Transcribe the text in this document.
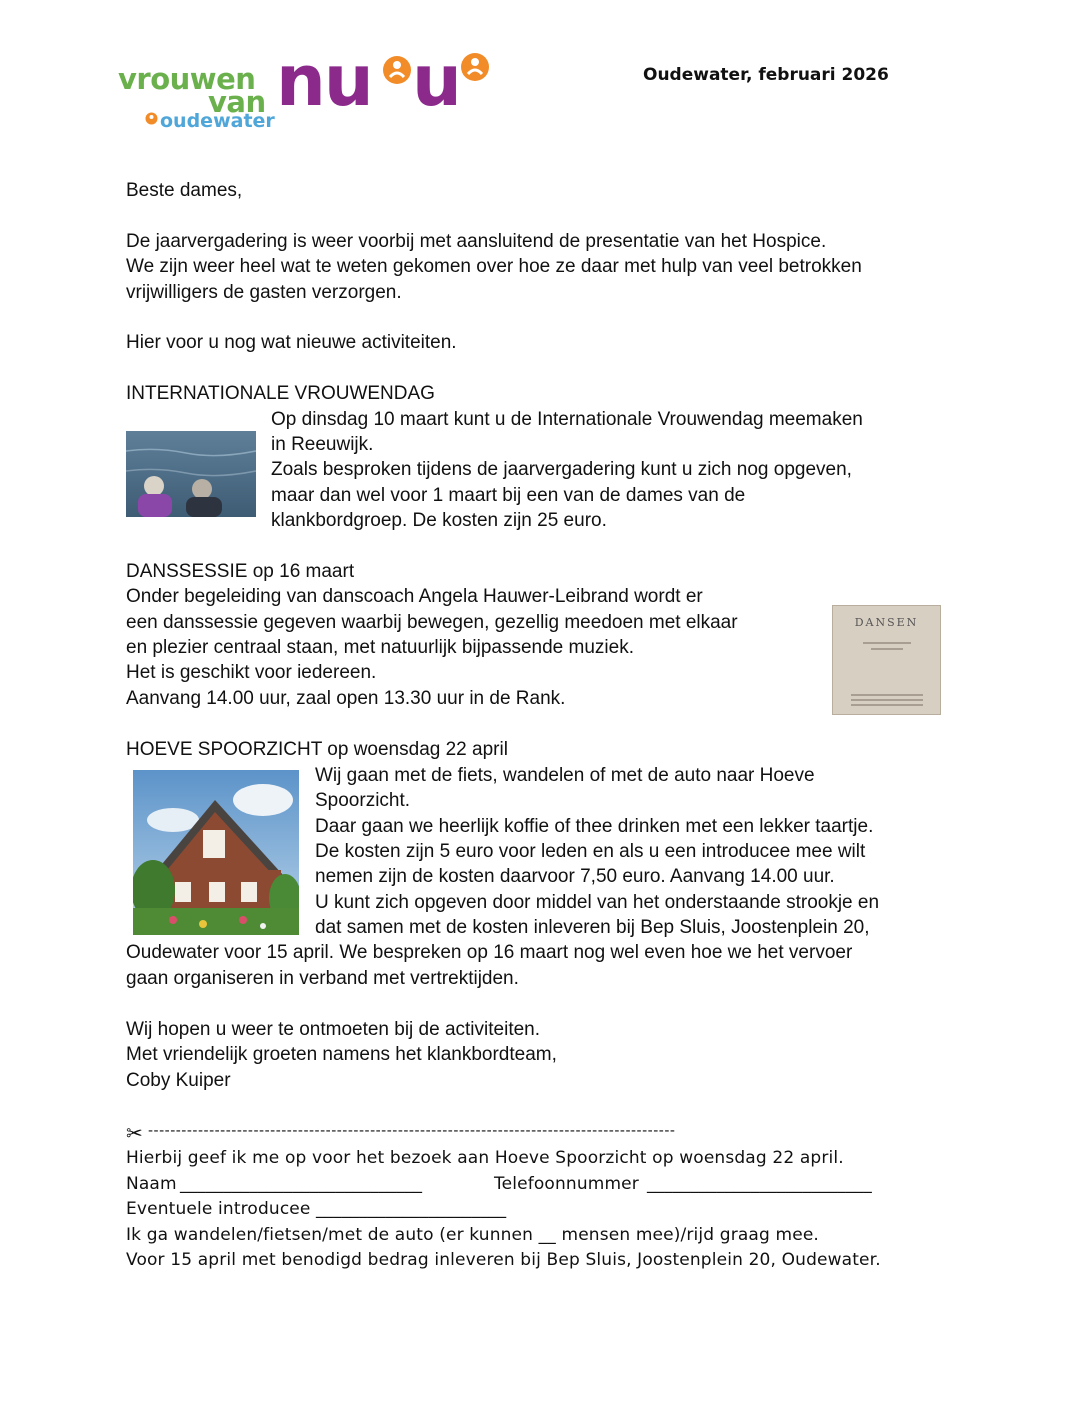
vrouwen
van
oudewater nu u	Oudewater, februari 2026
Beste dames,
De jaarvergadering is weer voorbij met aansluitend de presentatie van het Hospice.
We zijn weer heel wat te weten gekomen over hoe ze daar met hulp van veel betrokken
vrijwilligers de gasten verzorgen.
Hier voor u nog wat nieuwe activiteiten.
INTERNATIONALE VROUWENDAG
Op dinsdag 10 maart kunt u de Internationale Vrouwendag meemaken
in Reeuwijk.
Zoals besproken tijdens de jaarvergadering kunt u zich nog opgeven,
maar dan wel voor 1 maart bij een van de dames van de
klankbordgroep. De kosten zijn 25 euro.
DANSSESSIE op 16 maart
Onder begeleiding van danscoach Angela Hauwer-Leibrand wordt er
een danssessie gegeven waarbij bewegen, gezellig meedoen met elkaar
en plezier centraal staan, met natuurlijk bijpassende muziek.
Het is geschikt voor iedereen.
Aanvang 14.00 uur, zaal open 13.30 uur in de Rank.
DANSEN
HOEVE SPOORZICHT op woensdag 22 april
Wij gaan met de fiets, wandelen of met de auto naar Hoeve
Spoorzicht.
Daar gaan we heerlijk koffie of thee drinken met een lekker taartje.
De kosten zijn 5 euro voor leden en als u een introducee mee wilt
nemen zijn de kosten daarvoor 7,50 euro. Aanvang 14.00 uur.
U kunt zich opgeven door middel van het onderstaande strookje en
dat samen met de kosten inleveren bij Bep Sluis, Joostenplein 20,
Oudewater voor 15 april. We bespreken op 16 maart nog wel even hoe we het vervoer
gaan organiseren in verband met vertrektijden.
Wij hopen u weer te ontmoeten bij de activiteiten.
Met vriendelijk groeten namens het klankbordteam,
Coby Kuiper
✂ -----------------------------------------------------------------------------------------------
Hierbij geef ik me op voor het bezoek aan Hoeve Spoorzicht op woensdag 22 april.
Naam ____________________________	Telefoonnummer __________________________
Eventuele introducee ______________________
Ik ga wandelen/fietsen/met de auto (er kunnen __ mensen mee)/rijd graag mee.
Voor 15 april met benodigd bedrag inleveren bij Bep Sluis, Joostenplein 20, Oudewater.
